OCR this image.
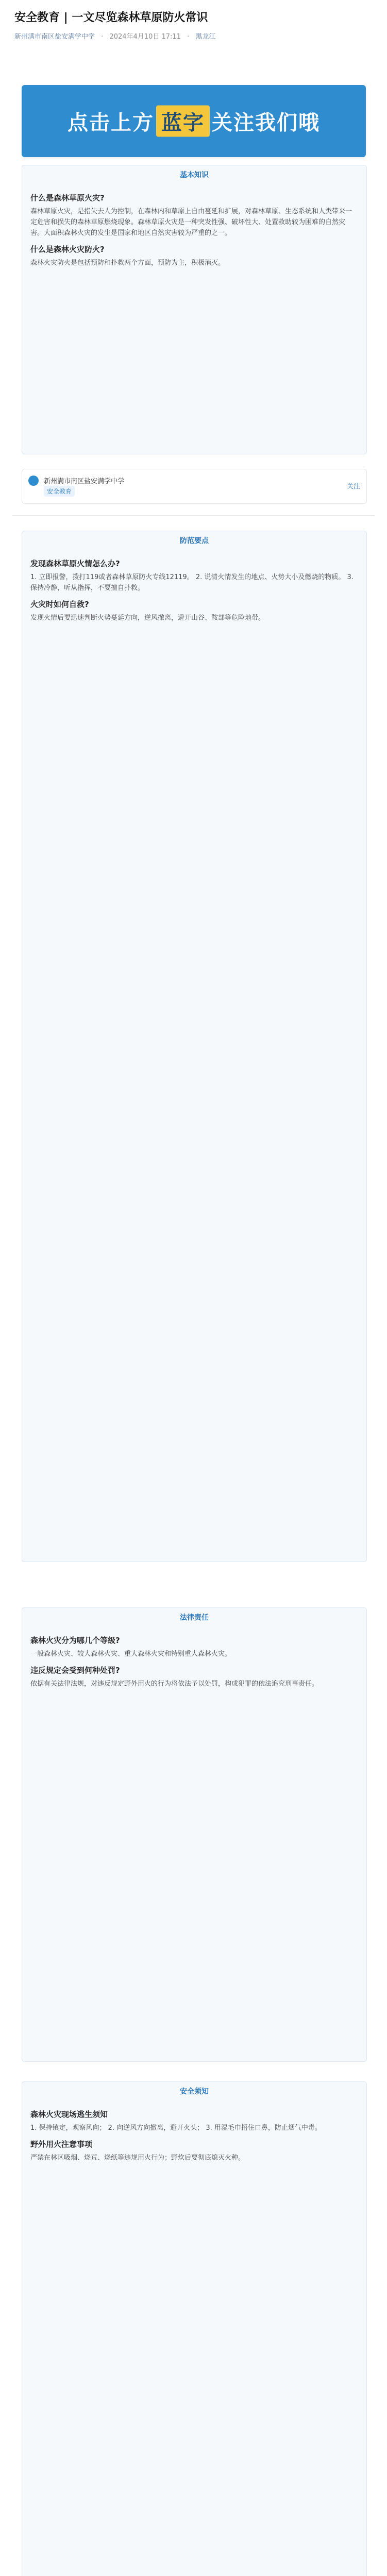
安全教育 | 一文尽览森林草原防火常识
新州满市南区盐安满学中学 · 2024年4月10日 17:11 · 黑龙江
点击上方 蓝字 关注我们哦
基本知识
什么是森林草原火灾?

森林草原火灾，是指失去人为控制，在森林内和草原上自由蔓延和扩展，对森林草原、生态系统和人类带来一定危害和损失的森林草原燃烧现象。森林草原火灾是一种突发性强、破坏性大、处置救助较为困难的自然灾害。大面积森林火灾的发生是国家和地区自然灾害较为严重的之一。

什么是森林火灾防火?

森林火灾防火是包括预防和扑救两个方面，预防为主，积极消灭。

新州满市南区盐安满学中学
安全教育
关注
防范要点
发现森林草原火情怎么办?

1. 立即报警，拨打119或者森林草原防火专线12119。 2. 说清火情发生的地点、火势大小及燃烧的物质。 3. 保持冷静，听从指挥，不要擅自扑救。

火灾时如何自救?

发现火情后要迅速判断火势蔓延方向，逆风撤离，避开山谷、鞍部等危险地带。

法律责任
森林火灾分为哪几个等级?

一般森林火灾、较大森林火灾、重大森林火灾和特别重大森林火灾。

违反规定会受到何种处罚?

依据有关法律法规，对违反规定野外用火的行为将依法予以处罚，构成犯罪的依法追究刑事责任。

安全须知
森林火灾现场逃生须知

1. 保持镇定，观察风向； 2. 向逆风方向撤离，避开火头； 3. 用湿毛巾捂住口鼻，防止烟气中毒。

野外用火注意事项

严禁在林区吸烟、烧荒、烧纸等违规用火行为；野炊后要彻底熄灭火种。
